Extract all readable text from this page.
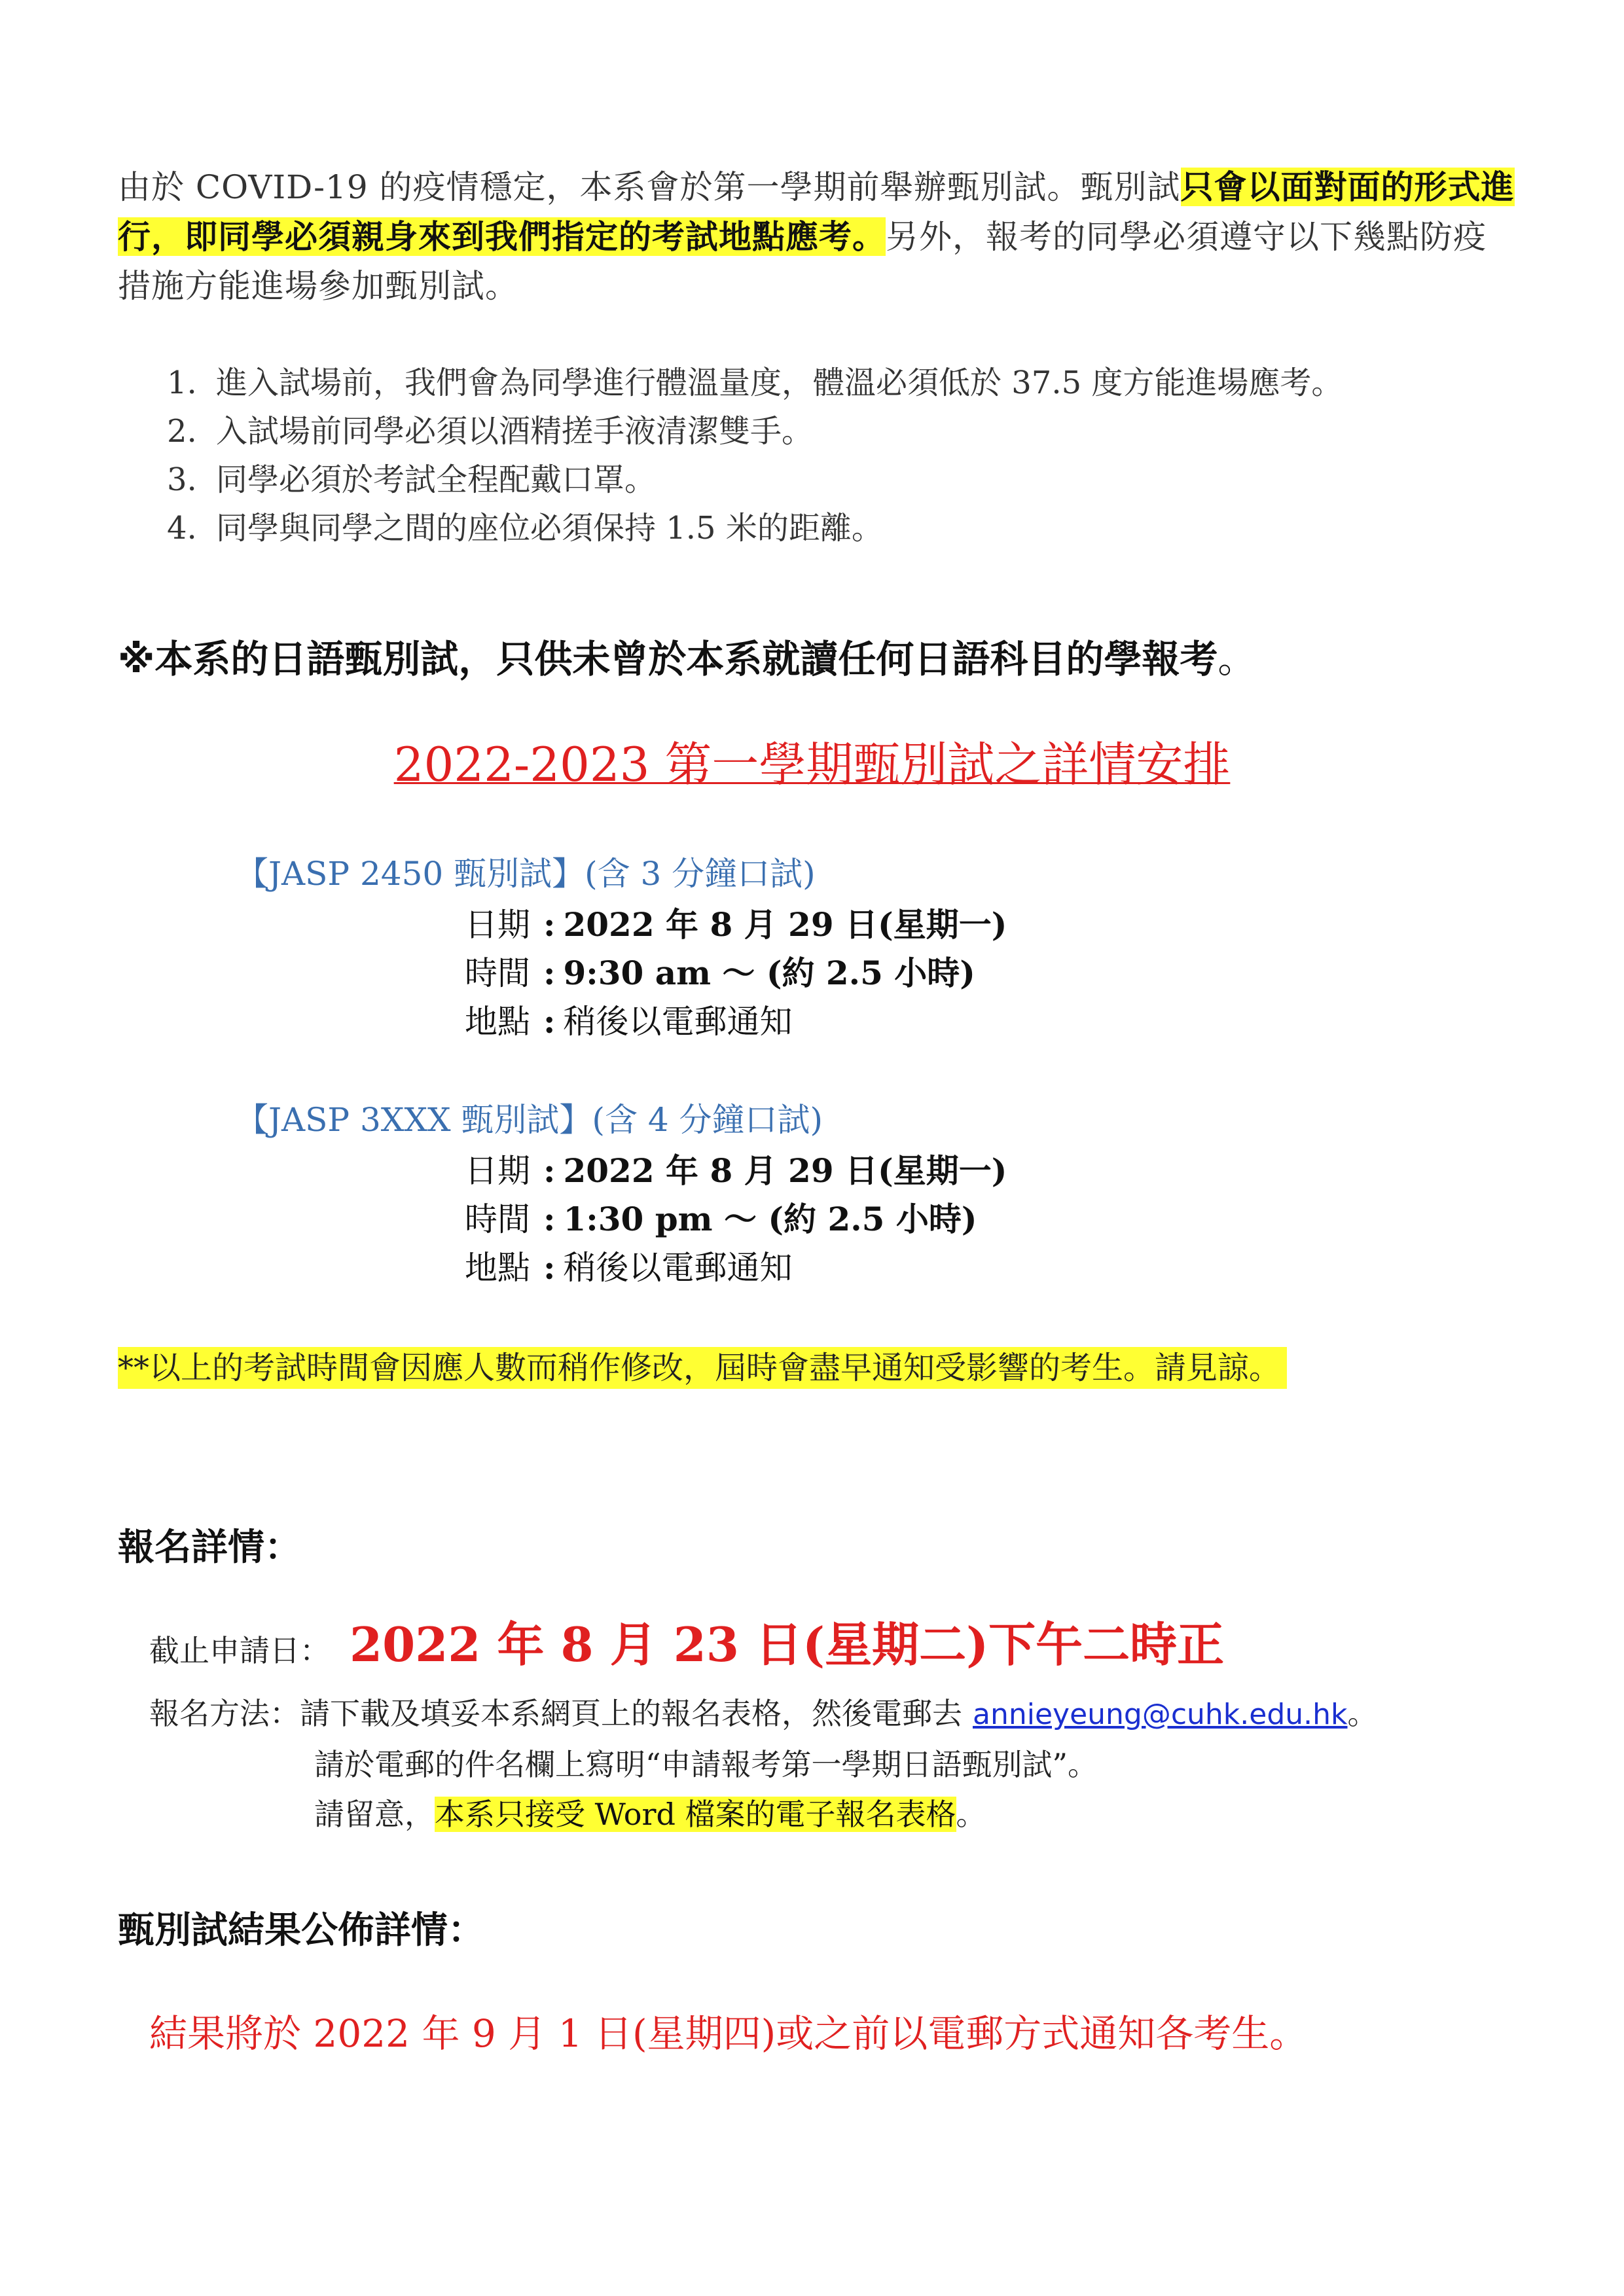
由於 COVID-19 的疫情穩定，本系會於第一學期前舉辦甄別試。甄別試只會以面對面的形式進行，即同學必須親身來到我們指定的考試地點應考。另外，報考的同學必須遵守以下幾點防疫措施方能進場參加甄別試。
1. 進入試場前，我們會為同學進行體溫量度，體溫必須低於 37.5 度方能進場應考。
2. 入試場前同學必須以酒精搓手液清潔雙手。
3. 同學必須於考試全程配戴口罩。
4. 同學與同學之間的座位必須保持 1.5 米的距離。
※本系的日語甄別試，只供未曾於本系就讀任何日語科目的學報考。
2022-2023 第一學期甄別試之詳情安排
【JASP 2450 甄別試】(含 3 分鐘口試)
日期 : 2022 年 8 月 29 日(星期一)
時間 : 9:30 am ～ (約 2.5 小時)
地點 : 稍後以電郵通知
【JASP 3XXX 甄別試】(含 4 分鐘口試)
日期 : 2022 年 8 月 29 日(星期一)
時間 : 1:30 pm ～ (約 2.5 小時)
地點 : 稍後以電郵通知
**以上的考試時間會因應人數而稍作修改，屆時會盡早通知受影響的考生。請見諒。
報名詳情：
截止申請日： 2022 年 8 月 23 日(星期二)下午二時正
報名方法：請下載及填妥本系網頁上的報名表格，然後電郵去 annieyeung@cuhk.edu.hk。
請於電郵的件名欄上寫明“申請報考第一學期日語甄別試”。
請留意，本系只接受 Word 檔案的電子報名表格。
甄別試結果公佈詳情：
結果將於 2022 年 9 月 1 日(星期四)或之前以電郵方式通知各考生。
